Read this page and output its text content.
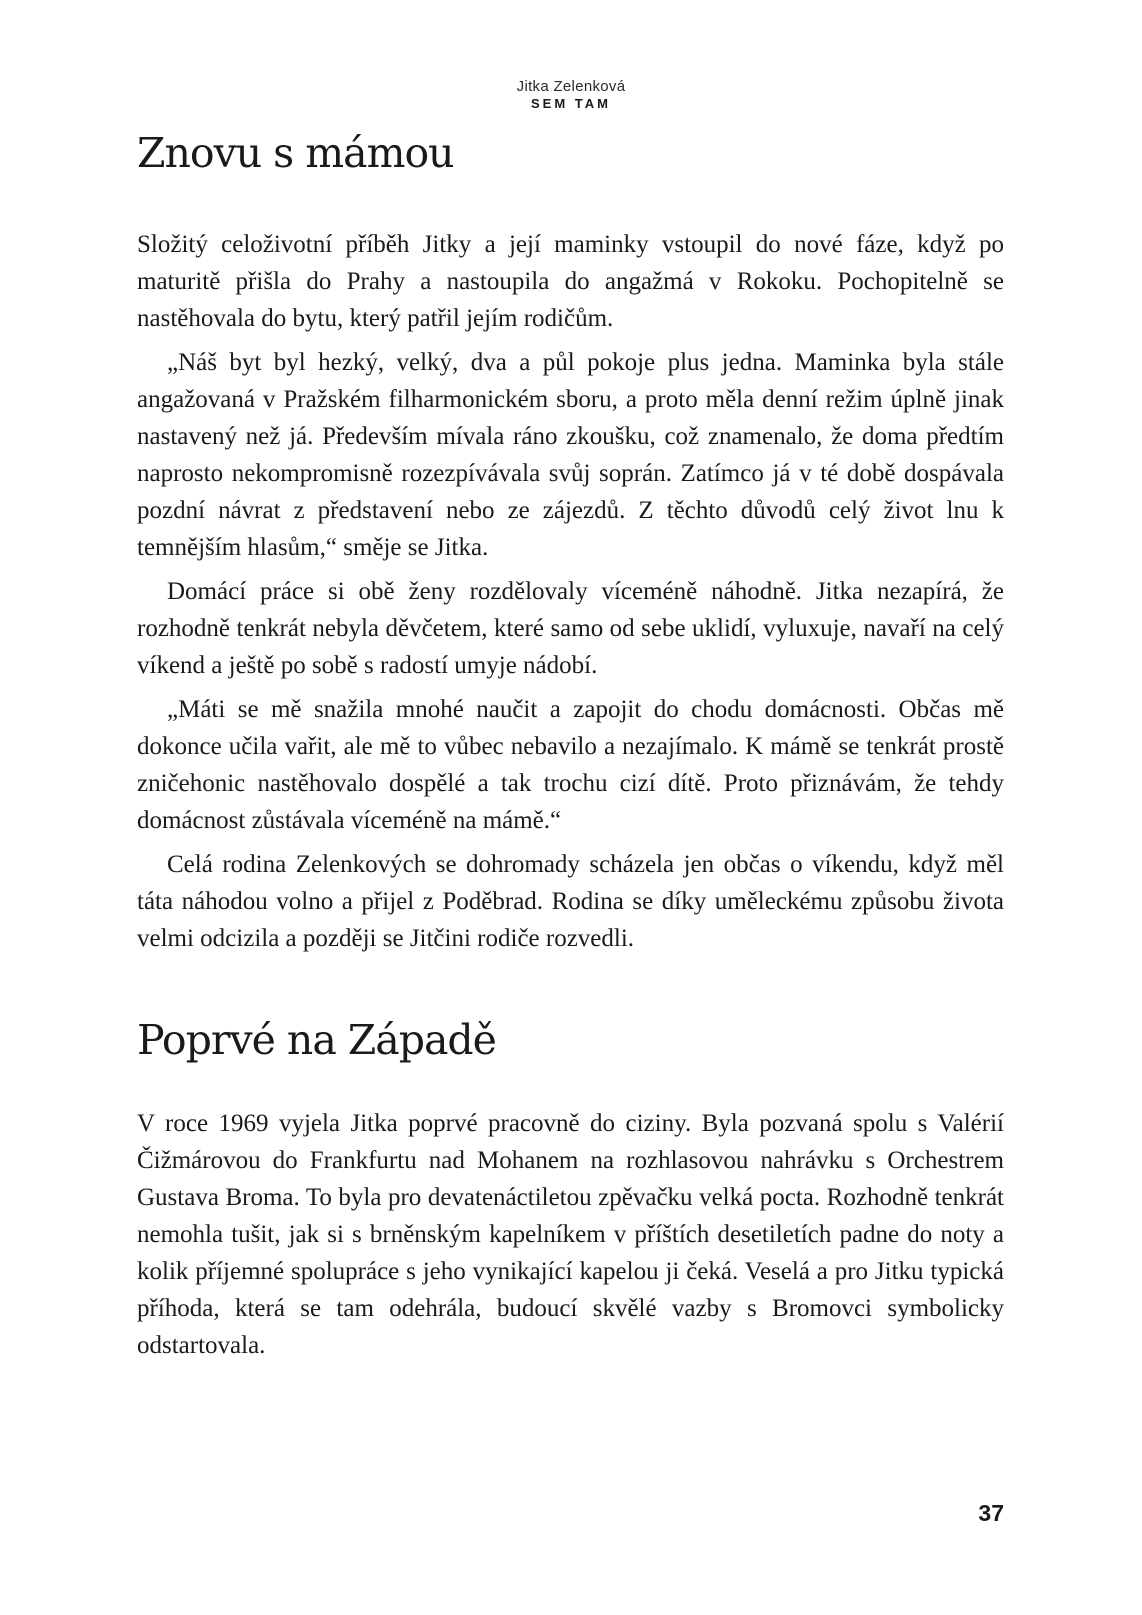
Jitka Zelenková
SEM TAM
Znovu s mámou

Složitý celoživotní příběh Jitky a její maminky vstoupil do nové fáze, když po maturitě přišla do Prahy a nastoupila do angažmá v Rokoku. Pochopitelně se nastěhovala do bytu, který patřil jejím rodičům.

„Náš byt byl hezký, velký, dva a půl pokoje plus jedna. Maminka byla stále angažovaná v Pražském filharmonickém sboru, a proto měla denní režim úplně jinak nastavený než já. Především mívala ráno zkoušku, což znamenalo, že doma předtím naprosto nekompromisně rozezpívávala svůj soprán. Zatímco já v té době dospávala pozdní návrat z představení nebo ze zájezdů. Z těchto důvodů celý život lnu k temnějším hlasům,“ směje se Jitka.

Domácí práce si obě ženy rozdělovaly víceméně náhodně. Jitka nezapírá, že rozhodně tenkrát nebyla děvčetem, které samo od sebe uklidí, vyluxuje, navaří na celý víkend a ještě po sobě s radostí umyje nádobí.

„Máti se mě snažila mnohé naučit a zapojit do chodu domácnosti. Občas mě dokonce učila vařit, ale mě to vůbec nebavilo a nezajímalo. K mámě se tenkrát prostě zničehonic nastěhovalo dospělé a tak trochu cizí dítě. Proto přiznávám, že tehdy domácnost zůstávala víceméně na mámě.“

Celá rodina Zelenkových se dohromady scházela jen občas o víkendu, když měl táta náhodou volno a přijel z Poděbrad. Rodina se díky uměleckému způsobu života velmi odcizila a později se Jitčini rodiče rozvedli.

Poprvé na Západě

V roce 1969 vyjela Jitka poprvé pracovně do ciziny. Byla pozvaná spolu s Valérií Čižmárovou do Frankfurtu nad Mohanem na rozhlasovou nahrávku s Orchestrem Gustava Broma. To byla pro devatenáctiletou zpěvačku velká pocta. Rozhodně tenkrát nemohla tušit, jak si s brněnským kapelníkem v příštích desetiletích padne do noty a kolik příjemné spolupráce s jeho vynikající kapelou ji čeká. Veselá a pro Jitku typická příhoda, která se tam odehrála, budoucí skvělé vazby s Bromovci symbolicky odstartovala.

37
